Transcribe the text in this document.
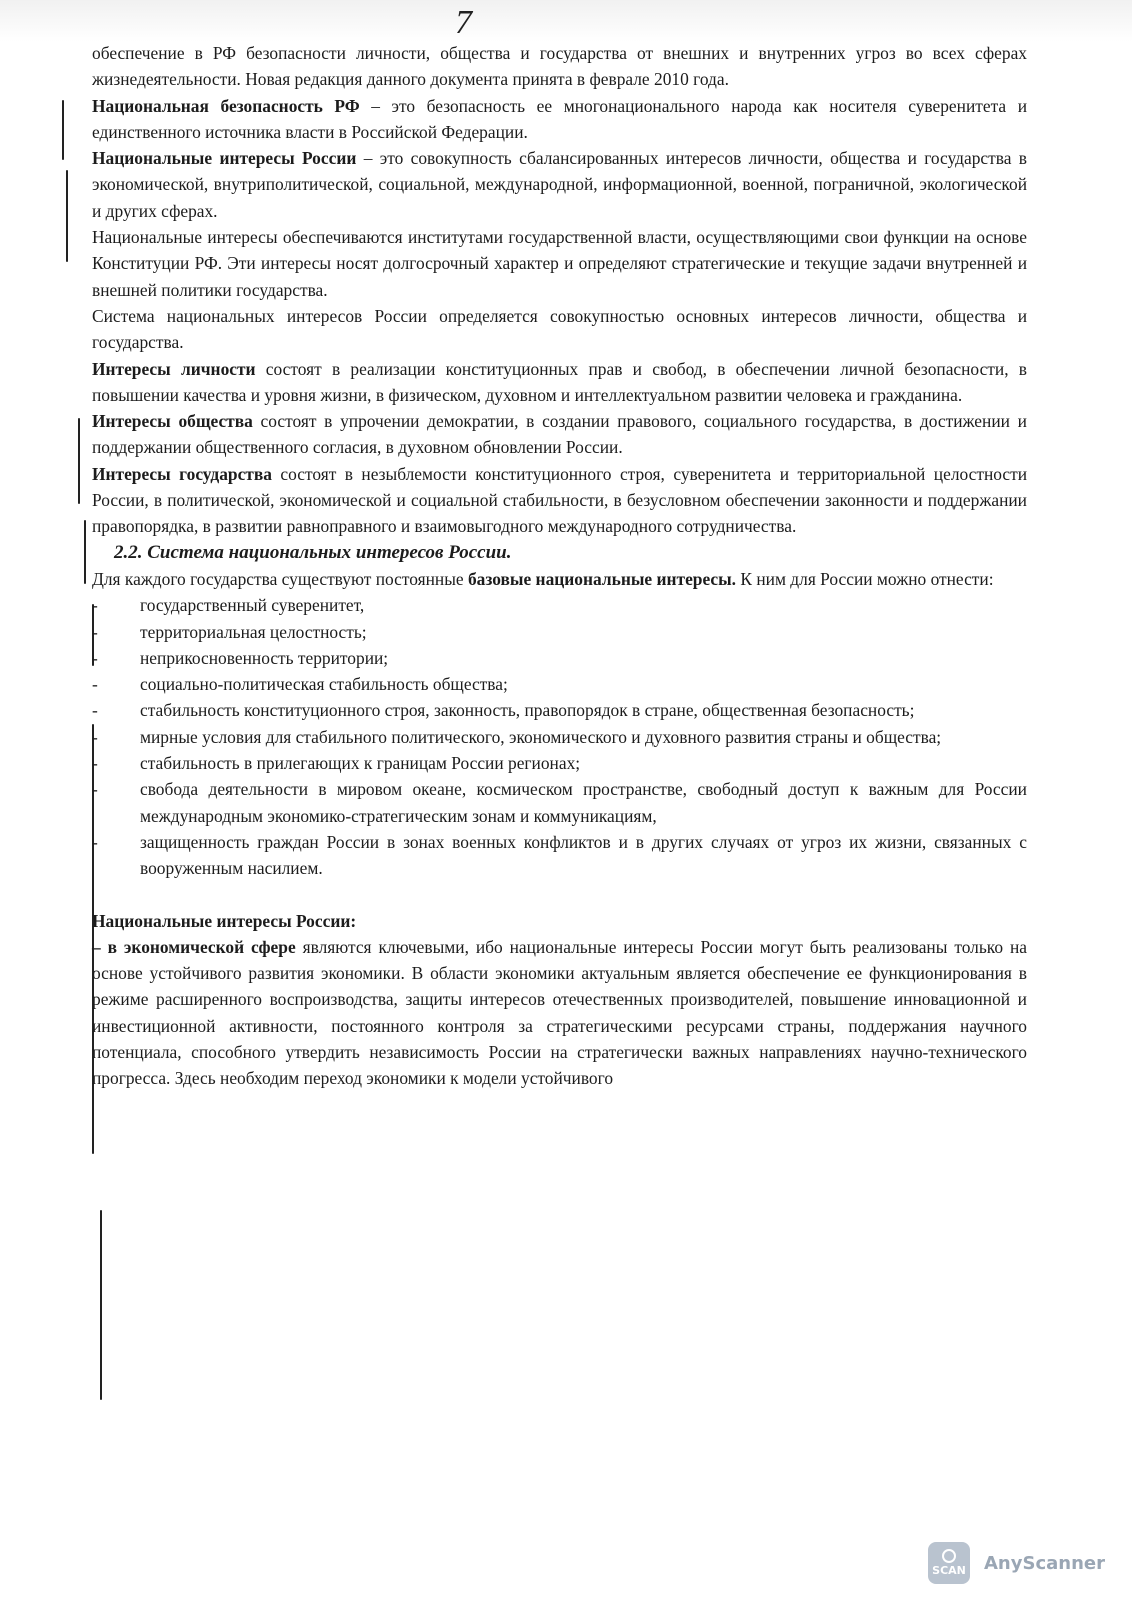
7

обеспечение в РФ безопасности личности, общества и государства от внешних и внутренних угроз во всех сферах жизнедеятельности. Новая редакция данного документа принята в феврале 2010 года.

Национальная безопасность РФ – это безопасность ее многонационального народа как носителя суверенитета и единственного источника власти в Российской Федерации.

Национальные интересы России – это совокупность сбалансированных интересов личности, общества и государства в экономической, внутриполитической, социальной, международной, информационной, военной, пограничной, экологической и других сферах.

Национальные интересы обеспечиваются институтами государственной власти, осуществляющими свои функции на основе Конституции РФ. Эти интересы носят долгосрочный характер и определяют стратегические и текущие задачи внутренней и внешней политики государства.

Система национальных интересов России определяется совокупностью основных интересов личности, общества и государства.

Интересы личности состоят в реализации конституционных прав и свобод, в обеспечении личной безопасности, в повышении качества и уровня жизни, в физическом, духовном и интеллектуальном развитии человека и гражданина.

Интересы общества состоят в упрочении демократии, в создании правового, социального государства, в достижении и поддержании общественного согласия, в духовном обновлении России.

Интересы государства состоят в незыблемости конституционного строя, суверенитета и территориальной целостности России, в политической, экономической и социальной стабильности, в безусловном обеспечении законности и поддержании правопорядка, в развитии равноправного и взаимовыгодного международного сотрудничества.

2.2. Система национальных интересов России.

Для каждого государства существуют постоянные базовые национальные интересы. К ним для России можно отнести:

-	государственный суверенитет,
-	территориальная целостность;
-	неприкосновенность территории;
-	социально-политическая стабильность общества;
-	стабильность конституционного строя, законность, правопорядок в стране, общественная безопасность;
-	мирные условия для стабильного политического, экономического и духовного развития страны и общества;
-	стабильность в прилегающих к границам России регионах;
-	свобода деятельности в мировом океане, космическом пространстве, свободный доступ к важным для России международным экономико-стратегическим зонам и коммуникациям,
-	защищенность граждан России в зонах военных конфликтов и в других случаях от угроз их жизни, связанных с вооруженным насилием.

Национальные интересы России:

– в экономической сфере являются ключевыми, ибо национальные интересы России могут быть реализованы только на основе устойчивого развития экономики. В области экономики актуальным является обеспечение ее функционирования в режиме расширенного воспроизводства, защиты интересов отечественных производителей, повышение инновационной и инвестиционной активности, постоянного контроля за стратегическими ресурсами страны, поддержания научного потенциала, способного утвердить независимость России на стратегически важных направлениях научно-технического прогресса. Здесь необходим переход экономики к модели устойчивого

SCAN AnyScanner
